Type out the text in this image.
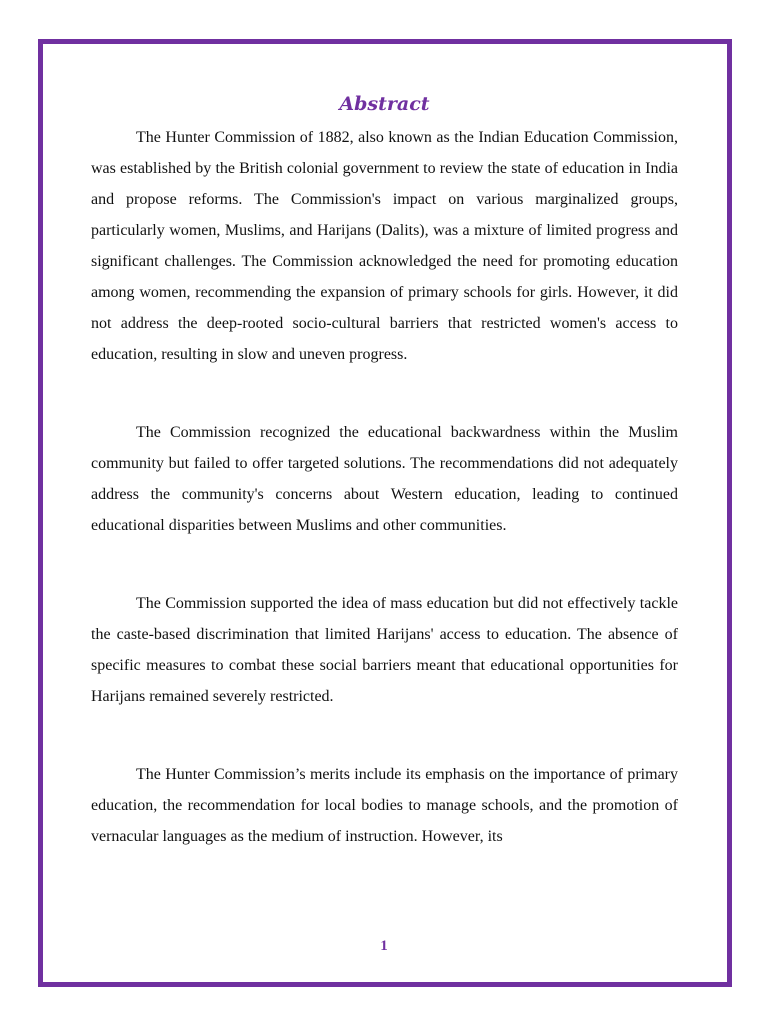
Abstract

The Hunter Commission of 1882, also known as the Indian Education Commission, was established by the British colonial government to review the state of education in India and propose reforms. The Commission's impact on various marginalized groups, particularly women, Muslims, and Harijans (Dalits), was a mixture of limited progress and significant challenges. The Commission acknowledged the need for promoting education among women, recommending the expansion of primary schools for girls. However, it did not address the deep-rooted socio-cultural barriers that restricted women's access to education, resulting in slow and uneven progress.

The Commission recognized the educational backwardness within the Muslim community but failed to offer targeted solutions. The recommendations did not adequately address the community's concerns about Western education, leading to continued educational disparities between Muslims and other communities.

The Commission supported the idea of mass education but did not effectively tackle the caste-based discrimination that limited Harijans' access to education. The absence of specific measures to combat these social barriers meant that educational opportunities for Harijans remained severely restricted.

The Hunter Commission’s merits include its emphasis on the importance of primary education, the recommendation for local bodies to manage schools, and the promotion of vernacular languages as the medium of instruction. However, its

1
